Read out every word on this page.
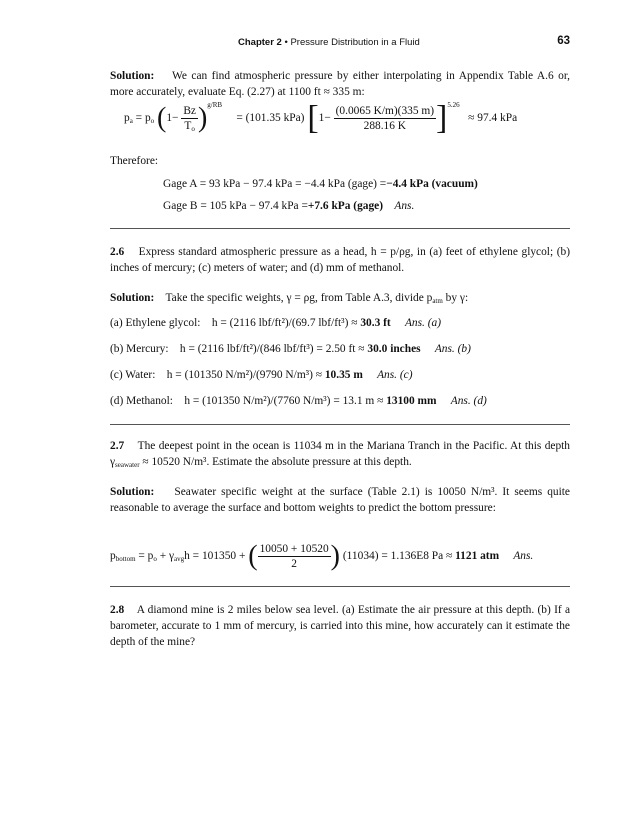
Chapter 2 • Pressure Distribution in a Fluid	63
Solution: We can find atmospheric pressure by either interpolating in Appendix Table A.6 or, more accurately, evaluate Eq. (2.27) at 1100 ft ≈ 335 m:
$p_a = p_o$ $(1- \frac{Bz}{T_o} )^{g/RB}$     = (101.35 kPa) $[1- \frac{(0.0065 K/m)(335 m)}{288.16 K} ]^{5.26} \approx 97.4$ kPa
Therefore:
Gage A = 93 kPa − 97.4 kPa = −4.4 kPa (gage) =−4.4 kPa (vacuum)
Gage B = 105 kPa − 97.4 kPa =+7.6 kPa (gage) Ans.
2.6 Express standard atmospheric pressure as a head, h = p/ρg, in (a) feet of ethylene glycol; (b) inches of mercury; (c) meters of water; and (d) mm of methanol.
Solution: Take the specific weights, γ = ρg, from Table A.3, divide $p_{atm}$ by γ:
(a) Ethylene glycol: h = (2116 lbf/ft²)/(69.7 lbf/ft³) ≈ 30.3 ft Ans. (a)
(b) Mercury: h = (2116 lbf/ft²)/(846 lbf/ft³) = 2.50 ft ≈ 30.0 inches Ans. (b)
(c) Water: h = (101350 N/m²)/(9790 N/m³) ≈ 10.35 m Ans. (c)
(d) Methanol: h = (101350 N/m²)/(7760 N/m³) = 13.1 m ≈ 13100 mm Ans. (d)
2.7 The deepest point in the ocean is 11034 m in the Mariana Tranch in the Pacific. At this depth $\gamma_{seawater} \approx 10520$ N/m³. Estimate the absolute pressure at this depth.
Solution: Seawater specific weight at the surface (Table 2.1) is 10050 N/m³. It seems quite reasonable to average the surface and bottom weights to predict the bottom pressure:
$p_{bottom} = p_o + \gamma_{avg}h = 101350$ + ( $\frac{10050 + 10520}{2}$ ) (11034) = 1.136E8 Pa ≈ 1121 atm Ans.
2.8 A diamond mine is 2 miles below sea level. (a) Estimate the air pressure at this depth. (b) If a barometer, accurate to 1 mm of mercury, is carried into this mine, how accurately can it estimate the depth of the mine?
